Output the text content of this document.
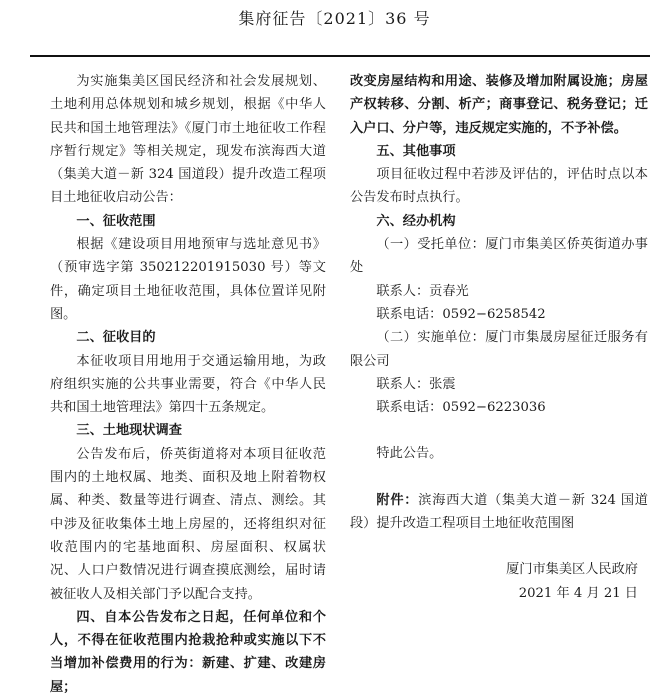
集府征告〔2021〕36 号

为实施集美区国民经济和社会发展规划、土地利用总体规划和城乡规划，根据《中华人民共和国土地管理法》《厦门市土地征收工作程序暂行规定》等相关规定，现发布滨海西大道（集美大道－新 324 国道段）提升改造工程项目土地征收启动公告：

一、征收范围

根据《建设项目用地预审与选址意见书》（预审选字第 350212201915030 号）等文件，确定项目土地征收范围，具体位置详见附图。

二、征收目的

本征收项目用地用于交通运输用地，为政府组织实施的公共事业需要，符合《中华人民共和国土地管理法》第四十五条规定。

三、土地现状调查

公告发布后，侨英街道将对本项目征收范围内的土地权属、地类、面积及地上附着物权属、种类、数量等进行调查、清点、测绘。其中涉及征收集体土地上房屋的，还将组织对征收范围内的宅基地面积、房屋面积、权属状况、人口户数情况进行调查摸底测绘，届时请被征收人及相关部门予以配合支持。

四、自本公告发布之日起，任何单位和个人，不得在征收范围内抢栽抢种或实施以下不当增加补偿费用的行为：新建、扩建、改建房屋；

改变房屋结构和用途、装修及增加附属设施；房屋产权转移、分割、析产；商事登记、税务登记；迁入户口、分户等，违反规定实施的，不予补偿。

五、其他事项

项目征收过程中若涉及评估的，评估时点以本公告发布时点执行。

六、经办机构

（一）受托单位：厦门市集美区侨英街道办事处

联系人：贡春光

联系电话：0592−6258542

（二）实施单位：厦门市集晟房屋征迁服务有限公司

联系人：张震

联系电话：0592−6223036

特此公告。

附件：滨海西大道（集美大道－新 324 国道段）提升改造工程项目土地征收范围图

厦门市集美区人民政府

2021 年 4 月 21 日
